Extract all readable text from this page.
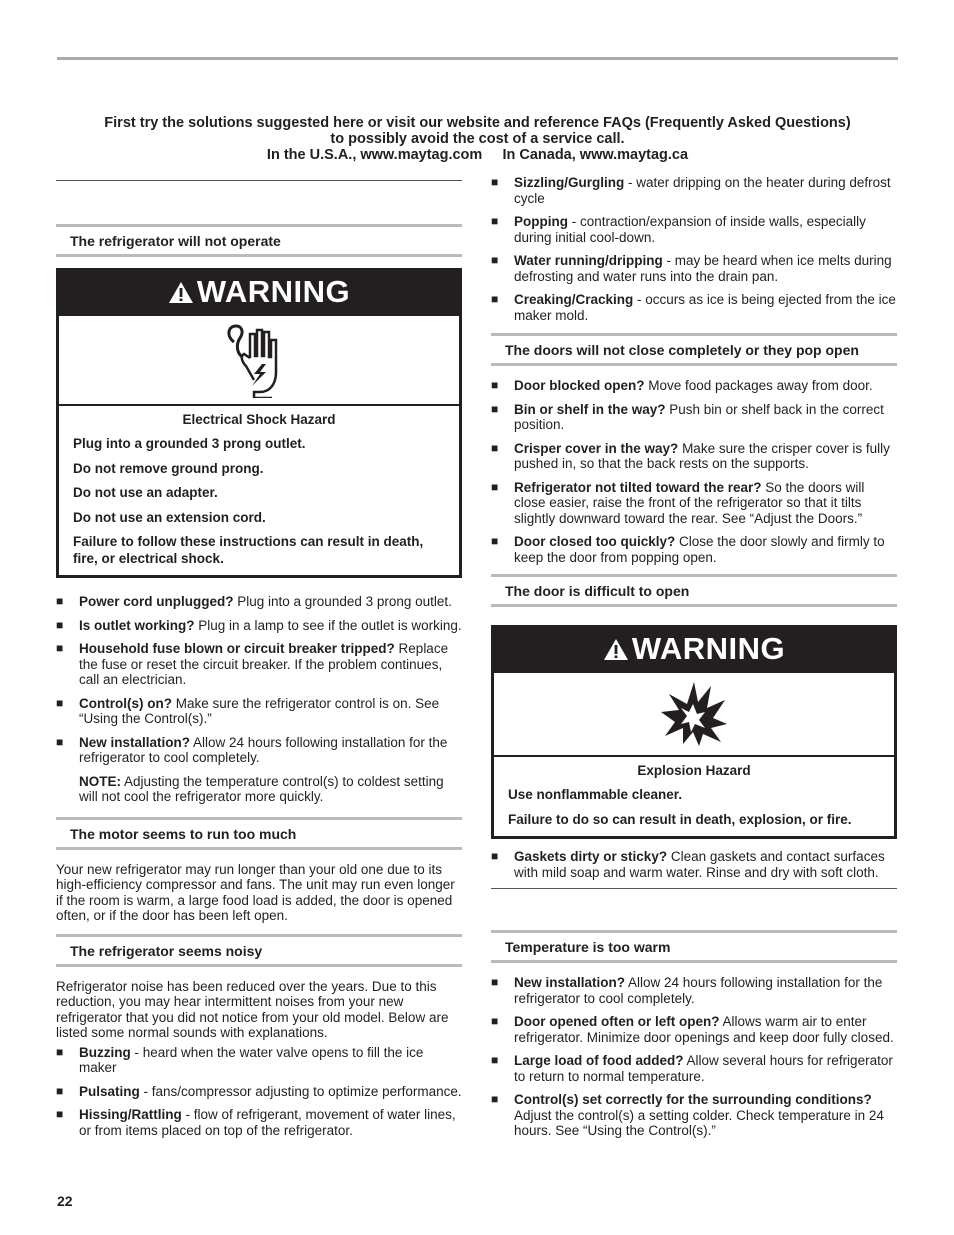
First try the solutions suggested here or visit our website and reference FAQs (Frequently Asked Questions)
to possibly avoid the cost of a service call.
In the U.S.A., www.maytag.com     In Canada, www.maytag.ca
The refrigerator will not operate
WARNING
Electrical Shock Hazard

Plug into a grounded 3 prong outlet.

Do not remove ground prong.

Do not use an adapter.

Do not use an extension cord.

Failure to follow these instructions can result in death, fire, or electrical shock.

■ Power cord unplugged? Plug into a grounded 3 prong outlet.
■ Is outlet working? Plug in a lamp to see if the outlet is working.
■ Household fuse blown or circuit breaker tripped? Replace the fuse or reset the circuit breaker. If the problem continues, call an electrician.
■ Control(s) on? Make sure the refrigerator control is on. See “Using the Control(s).”
■ New installation? Allow 24 hours following installation for the refrigerator to cool completely.
NOTE: Adjusting the temperature control(s) to coldest setting will not cool the refrigerator more quickly.
The motor seems to run too much
Your new refrigerator may run longer than your old one due to its high-efficiency compressor and fans. The unit may run even longer if the room is warm, a large food load is added, the door is opened often, or if the door has been left open.
The refrigerator seems noisy
Refrigerator noise has been reduced over the years. Due to this reduction, you may hear intermittent noises from your new refrigerator that you did not notice from your old model. Below are listed some normal sounds with explanations.
■ Buzzing - heard when the water valve opens to fill the ice maker
■ Pulsating - fans/compressor adjusting to optimize performance.
■ Hissing/Rattling - flow of refrigerant, movement of water lines, or from items placed on top of the refrigerator.
■ Sizzling/Gurgling - water dripping on the heater during defrost cycle
■ Popping - contraction/expansion of inside walls, especially during initial cool-down.
■ Water running/dripping - may be heard when ice melts during defrosting and water runs into the drain pan.
■ Creaking/Cracking - occurs as ice is being ejected from the ice maker mold.
The doors will not close completely or they pop open
■ Door blocked open? Move food packages away from door.
■ Bin or shelf in the way? Push bin or shelf back in the correct position.
■ Crisper cover in the way? Make sure the crisper cover is fully pushed in, so that the back rests on the supports.
■ Refrigerator not tilted toward the rear? So the doors will close easier, raise the front of the refrigerator so that it tilts slightly downward toward the rear. See “Adjust the Doors.”
■ Door closed too quickly? Close the door slowly and firmly to keep the door from popping open.
The door is difficult to open
WARNING
Explosion Hazard

Use nonflammable cleaner.

Failure to do so can result in death, explosion, or fire.

■ Gaskets dirty or sticky? Clean gaskets and contact surfaces with mild soap and warm water. Rinse and dry with soft cloth.
Temperature is too warm
■ New installation? Allow 24 hours following installation for the refrigerator to cool completely.
■ Door opened often or left open? Allows warm air to enter refrigerator. Minimize door openings and keep door fully closed.
■ Large load of food added? Allow several hours for refrigerator to return to normal temperature.
■ Control(s) set correctly for the surrounding conditions? Adjust the control(s) a setting colder. Check temperature in 24 hours. See “Using the Control(s).”
22
